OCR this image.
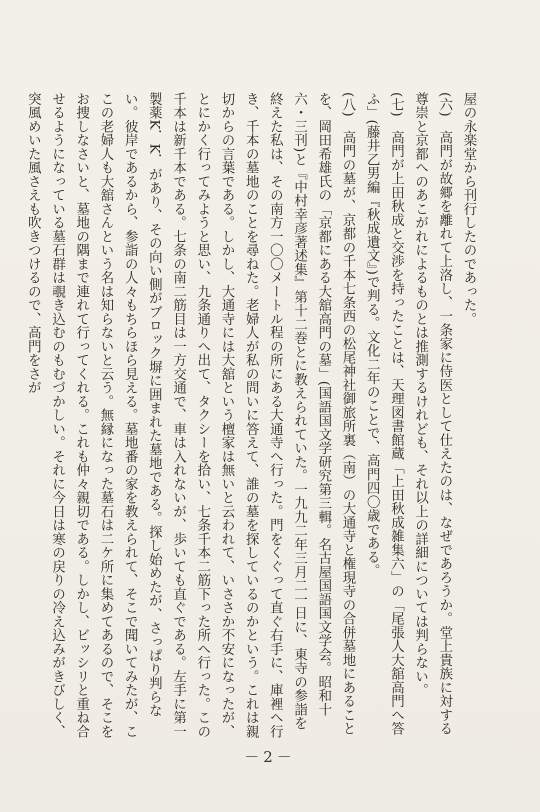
屋の永楽堂から刊行したのであった。

(六)　高門が故郷を離れて上洛し、一条家に侍医として仕えたのは、なぜであろうか。堂上貴族に対する尊崇と京都へのあこがれによるものとは推測するけれども、それ以上の詳細については判らない。

(七)　高門が上田秋成と交渉を持ったことは、天理図書館蔵「上田秋成雑集六」の「尾張人大舘高門へ答ふ」(藤井乙男編『秋成遺文』)で判る。文化二年のことで、高門四〇歳である。

(八)　高門の墓が、京都の千本七条西の松尾神社御旅所裏（南）の大通寺と権現寺の合併墓地にあることを、岡田希雄氏の「京都にある大舘高門の墓」(国語国文学研究第三輯。名古屋国語国文学会。昭和十六・三刊)と『中村幸彦著述集』第十二巻とに教えられていた。一九九二年三月二一日に、東寺の参詣を終えた私は、その南方一〇〇メートル程の所にある大通寺へ行った。門をくぐって直ぐ右手に、庫裡へ行き、千本の墓地のことを尋ねた。老婦人が私の問いに答えて、誰の墓を探しているのかという。これは親切からの言葉である。しかし、大通寺には大舘という檀家は無いと云われて、いささか不安になったが、とにかく行ってみようと思い、九条通りへ出て、タクシーを拾い、七条千本二筋下った所へ行った。この千本は新千本である。七条の南二筋目は一方交通で、車は入れないが、歩いても直ぐである。左手に第一製薬K．K．があり、その向い側がブロック塀に囲まれた墓地である。探し始めたが、さっぱり判らない。彼岸であるから、参詣の人々もちらほら見える。墓地番の家を教えられて、そこで聞いてみたが、ここの老婦人も大舘さんという名は知らないと云う。無縁になった墓石は二ケ所に集めてあるので、そこをお捜しなさいと、墓地の隅まで連れて行ってくれる。これも仲々親切である。しかし、ビッシリと重ね合せるようになっている墓石群は覗き込むのもむづかしい。それに今日は寒の戻りの冷え込みがきびしく、突風めいた風さえも吹きつけるので、高門をさが

－2－
